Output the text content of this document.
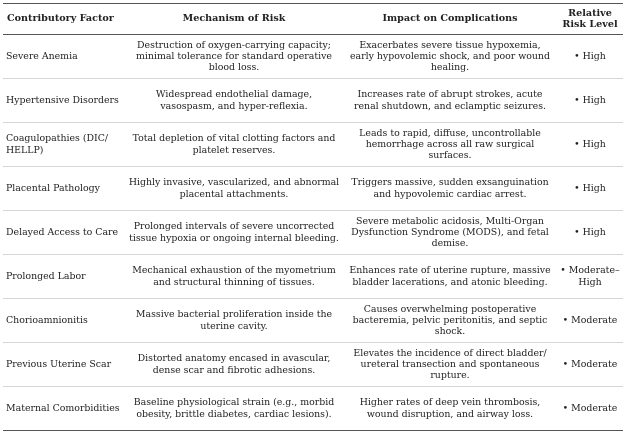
Contributory Factor	Mechanism of Risk	Impact on Complications	Relative Risk Level
Severe Anemia	Destruction of oxygen-carrying capacity; minimal tolerance for standard operative blood loss.	Exacerbates severe tissue hypoxemia, early hypovolemic shock, and poor wound healing.	• High
Hypertensive Disorders	Widespread endothelial damage, vasospasm, and hyper-reflexia.	Increases rate of abrupt strokes, acute renal shutdown, and eclamptic seizures.	• High
Coagulopathies (DIC/ HELLP)	Total depletion of vital clotting factors and platelet reserves.	Leads to rapid, diffuse, uncontrollable hemorrhage across all raw surgical surfaces.	• High
Placental Pathology	Highly invasive, vascularized, and abnormal placental attachments.	Triggers massive, sudden exsanguination and hypovolemic cardiac arrest.	• High
Delayed Access to Care	Prolonged intervals of severe uncorrected tissue hypoxia or ongoing internal bleeding.	Severe metabolic acidosis, Multi-Organ Dysfunction Syndrome (MODS), and fetal demise.	• High
Prolonged Labor	Mechanical exhaustion of the myometrium and structural thinning of tissues.	Enhances rate of uterine rupture, massive bladder lacerations, and atonic bleeding.	• Moderate–High
Chorioamnionitis	Massive bacterial proliferation inside the uterine cavity.	Causes overwhelming postoperative bacteremia, pelvic peritonitis, and septic shock.	• Moderate
Previous Uterine Scar	Distorted anatomy encased in avascular, dense scar and fibrotic adhesions.	Elevates the incidence of direct bladder/ ureteral transection and spontaneous rupture.	• Moderate
Maternal Comorbidities	Baseline physiological strain (e.g., morbid obesity, brittle diabetes, cardiac lesions).	Higher rates of deep vein thrombosis, wound disruption, and airway loss.	• Moderate
